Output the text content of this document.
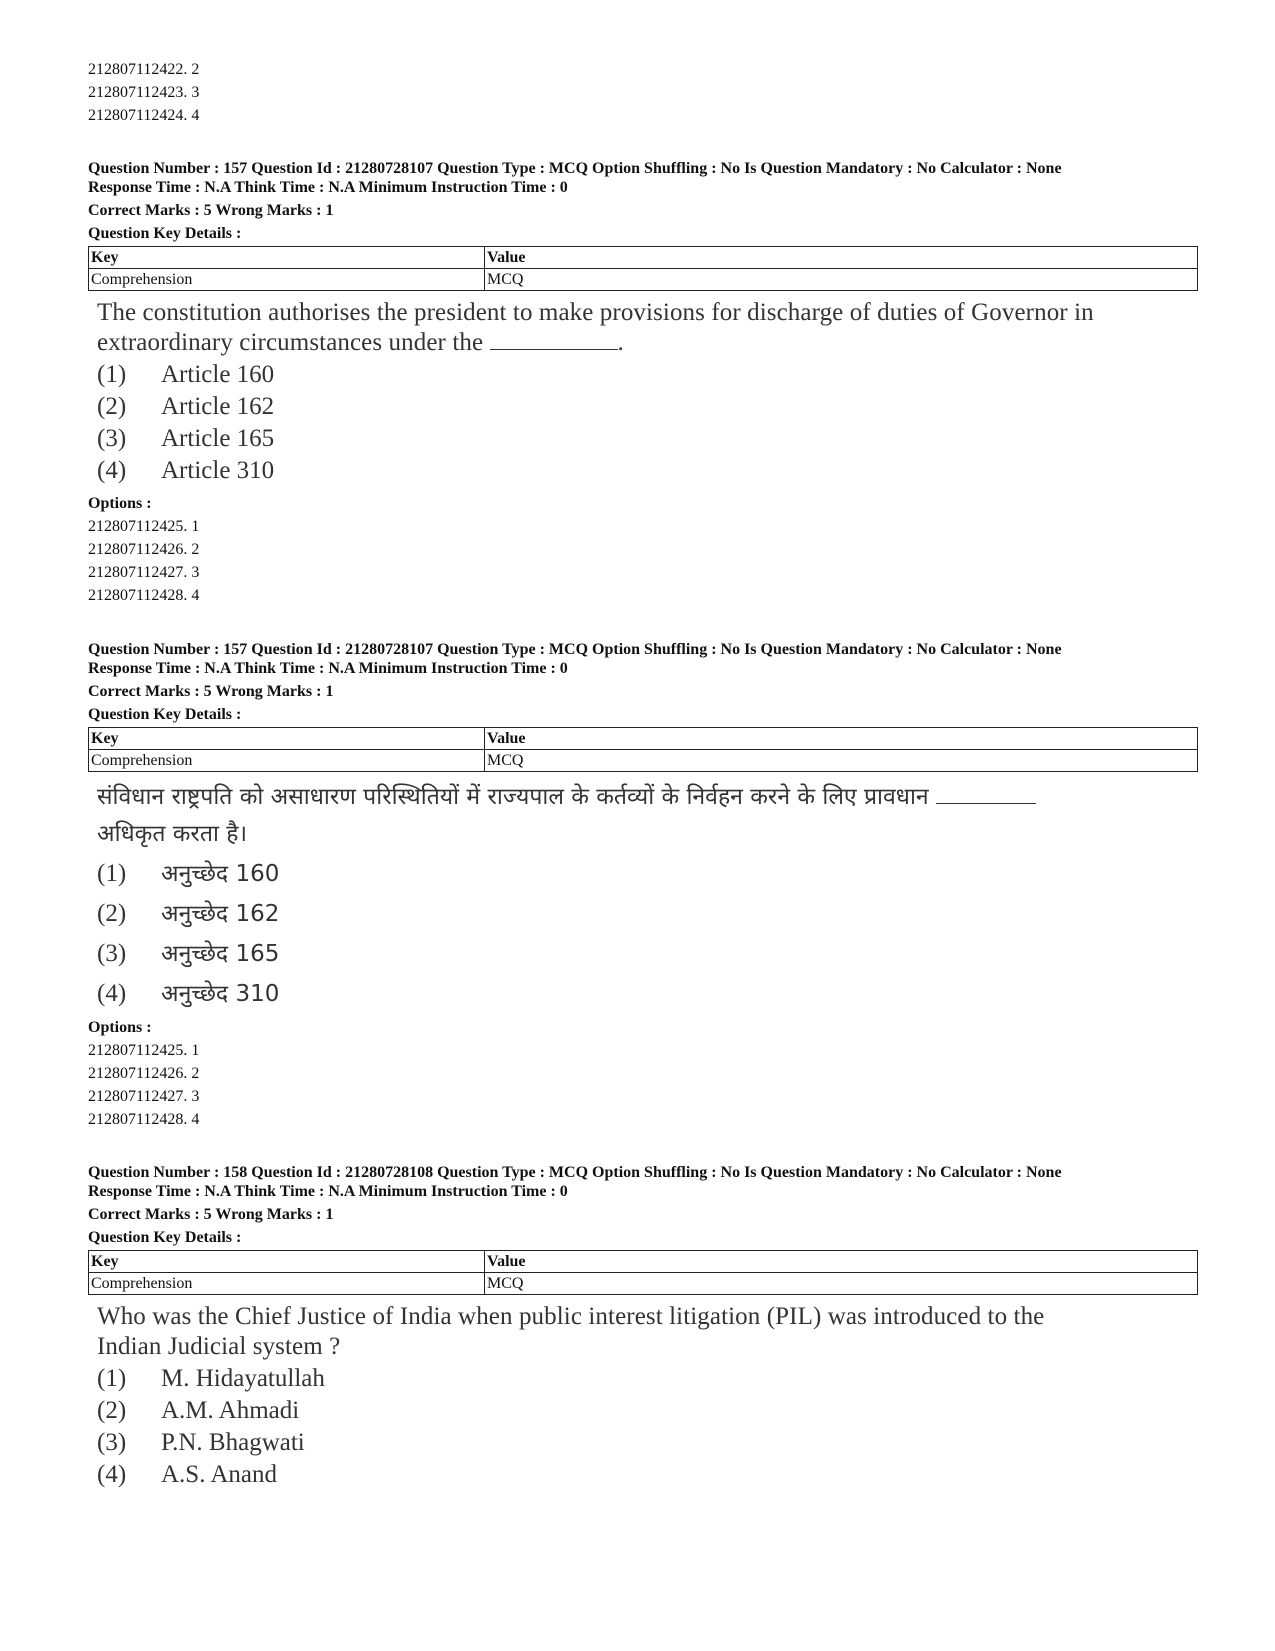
212807112422. 2
212807112423. 3
212807112424. 4
Question Number : 157 Question Id : 21280728107 Question Type : MCQ Option Shuffling : No Is Question Mandatory : No Calculator : None
Response Time : N.A Think Time : N.A Minimum Instruction Time : 0
Correct Marks : 5 Wrong Marks : 1
Question Key Details :
Key	Value
Comprehension	MCQ
The constitution authorises the president to make provisions for discharge of duties of Governor in
extraordinary circumstances under the	.
(1) Article 160
(2) Article 162
(3) Article 165
(4) Article 310
Options :
212807112425. 1
212807112426. 2
212807112427. 3
212807112428. 4
Question Number : 157 Question Id : 21280728107 Question Type : MCQ Option Shuffling : No Is Question Mandatory : No Calculator : None
Response Time : N.A Think Time : N.A Minimum Instruction Time : 0
Correct Marks : 5 Wrong Marks : 1
Question Key Details :
Key	Value
Comprehension	MCQ
संविधान राष्ट्रपति को असाधारण परिस्थितियों में राज्यपाल के कर्तव्यों के निर्वहन करने के लिए प्रावधान
अधिकृत करता है।
(1) अनुच्छेद 160
(2) अनुच्छेद 162
(3) अनुच्छेद 165
(4) अनुच्छेद 310
Options :
212807112425. 1
212807112426. 2
212807112427. 3
212807112428. 4
Question Number : 158 Question Id : 21280728108 Question Type : MCQ Option Shuffling : No Is Question Mandatory : No Calculator : None
Response Time : N.A Think Time : N.A Minimum Instruction Time : 0
Correct Marks : 5 Wrong Marks : 1
Question Key Details :
Key	Value
Comprehension	MCQ
Who was the Chief Justice of India when public interest litigation (PIL) was introduced to the
Indian Judicial system ?
(1) M. Hidayatullah
(2) A.M. Ahmadi
(3) P.N. Bhagwati
(4) A.S. Anand
